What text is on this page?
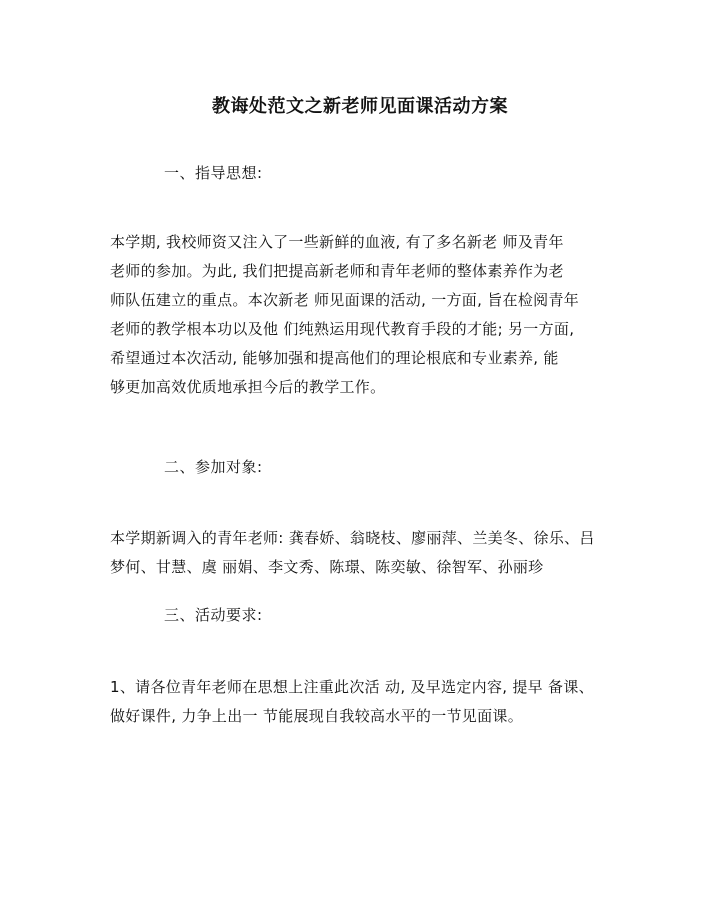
教诲处范文之新老师见面课活动方案
一、指导思想:
本学期, 我校师资又注入了一些新鲜的血液, 有了多名新老 师及青年
老师的参加。为此, 我们把提高新老师和青年老师的整体素养作为老
师队伍建立的重点。本次新老 师见面课的活动, 一方面, 旨在检阅青年
老师的教学根本功以及他 们纯熟运用现代教育手段的才能; 另一方面,
希望通过本次活动, 能够加强和提高他们的理论根底和专业素养, 能
够更加高效优质地承担今后的教学工作。
二、参加对象:
本学期新调入的青年老师: 龚春娇、翁晓枝、廖丽萍、兰美冬、徐乐、吕
梦何、甘慧、虞 丽娟、李文秀、陈璟、陈奕敏、徐智军、孙丽珍
三、活动要求:
1、请各位青年老师在思想上注重此次活 动, 及早选定内容, 提早 备课、
做好课件, 力争上出一 节能展现自我较高水平的一节见面课。
